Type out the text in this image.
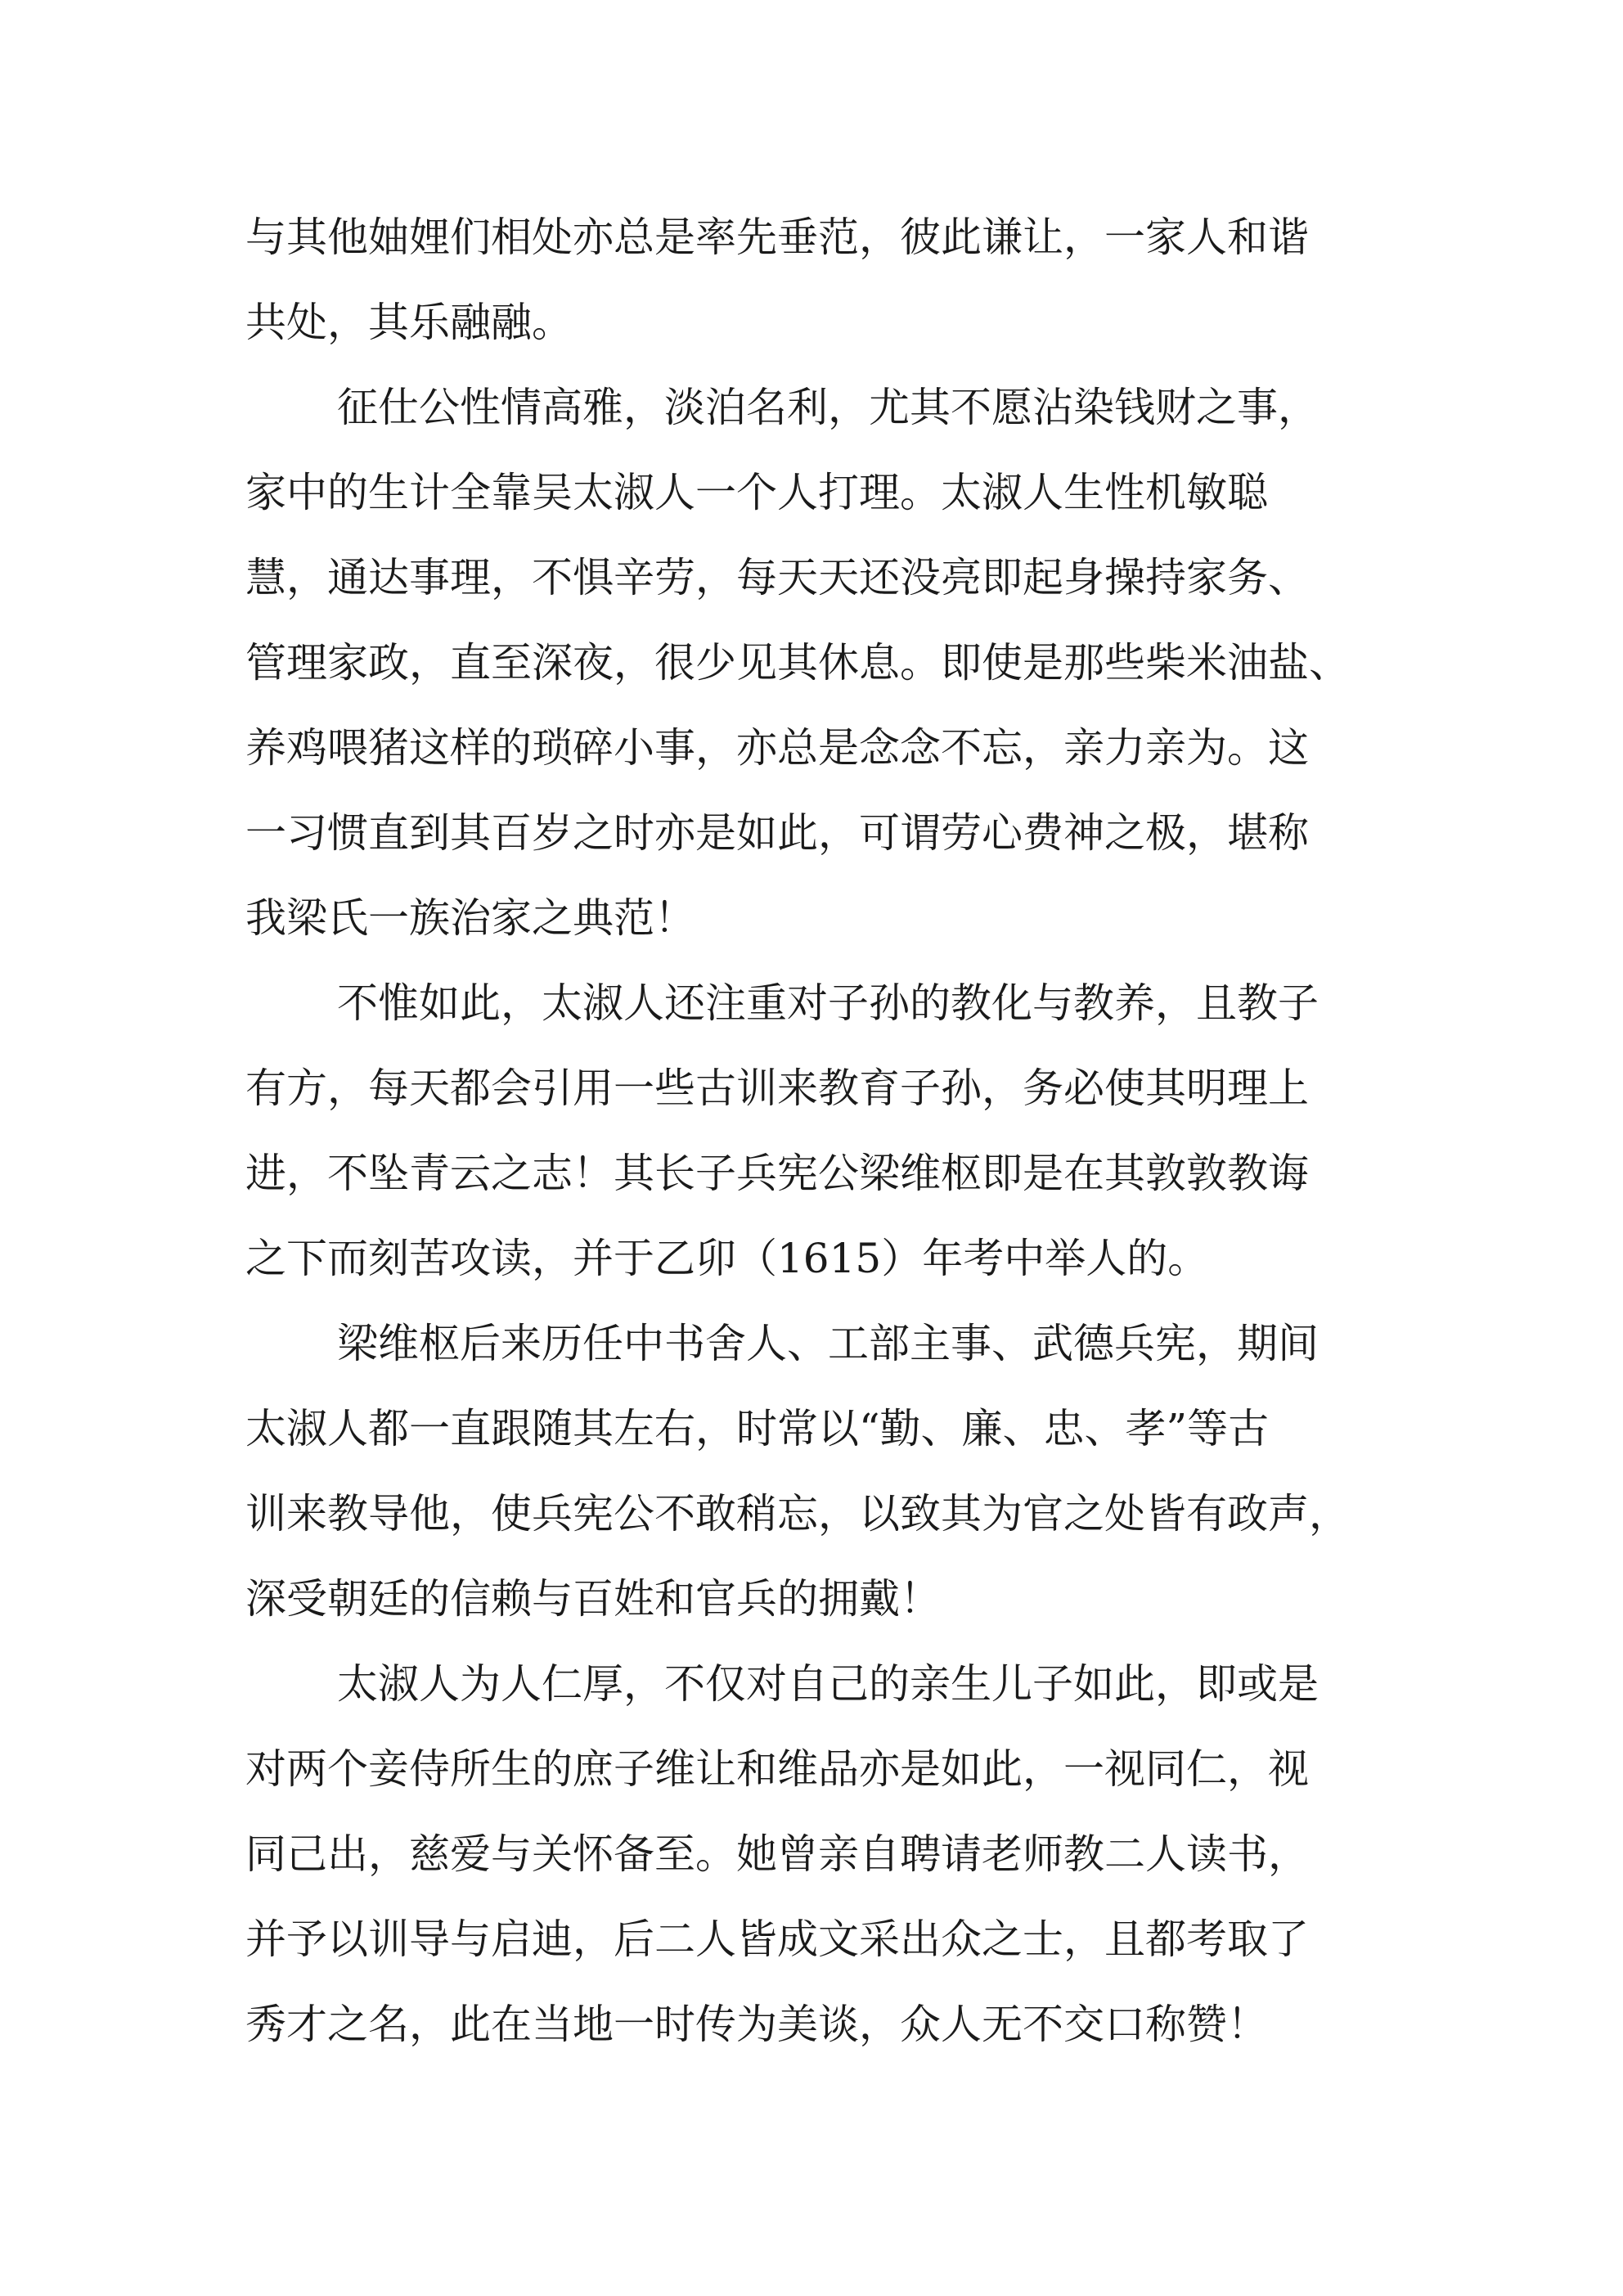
与其他妯娌们相处亦总是率先垂范，彼此谦让，一家人和谐
共处，其乐融融。
征仕公性情高雅，淡泊名利，尤其不愿沾染钱财之事，
家中的生计全靠吴太淑人一个人打理。太淑人生性机敏聪
慧，通达事理，不惧辛劳，每天天还没亮即起身操持家务、
管理家政，直至深夜，很少见其休息。即使是那些柴米油盐、
养鸡喂猪这样的琐碎小事，亦总是念念不忘，亲力亲为。这
一习惯直到其百岁之时亦是如此，可谓劳心费神之极，堪称
我梁氏一族治家之典范！
不惟如此，太淑人还注重对子孙的教化与教养，且教子
有方，每天都会引用一些古训来教育子孙，务必使其明理上
进，不坠青云之志！其长子兵宪公梁维枢即是在其敦敦教诲
之下而刻苦攻读，并于乙卯（1615）年考中举人的。
梁维枢后来历任中书舍人、工部主事、武德兵宪，期间
太淑人都一直跟随其左右，时常以“勤、廉、忠、孝”等古
训来教导他，使兵宪公不敢稍忘，以致其为官之处皆有政声，
深受朝廷的信赖与百姓和官兵的拥戴！
太淑人为人仁厚，不仅对自己的亲生儿子如此，即或是
对两个妾侍所生的庶子维让和维品亦是如此，一视同仁，视
同己出，慈爱与关怀备至。她曾亲自聘请老师教二人读书，
并予以训导与启迪，后二人皆成文采出众之士，且都考取了
秀才之名，此在当地一时传为美谈，众人无不交口称赞！
